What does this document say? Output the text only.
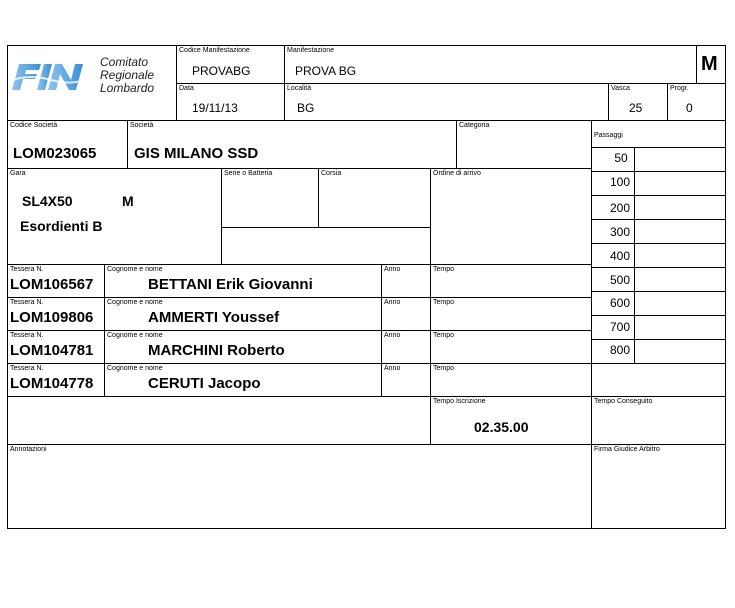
Comitato
Regionale
Lombardo
Codice Manifestazione
PROVABG
Manifestazione
PROVA BG	M
Data
19/11/13
Località
BG
Vasca
25
Progr.
0
Codice Società
LOM023065
Società
GIS MILANO SSD
Categoria
Passaggi
50
100
200
300
400
500
600
700
800
Gara
SL4X50	M
Esordienti B
Serie o Batteria	Corsia	Ordine di arrivo
Tessera N.
LOM106567
Cognome e nome
BETTANI Erik Giovanni
Anno	Tempo
Tessera N.
LOM109806
Cognome e nome
AMMERTI Youssef
Anno	Tempo
Tessera N.
LOM104781
Cognome e nome
MARCHINI Roberto
Anno	Tempo
Tessera N.
LOM104778
Cognome e nome
CERUTI Jacopo
Anno	Tempo
Tempo Iscrizione
02.35.00
Tempo Conseguito
Annotazioni	Firma Giudice Arbitro
